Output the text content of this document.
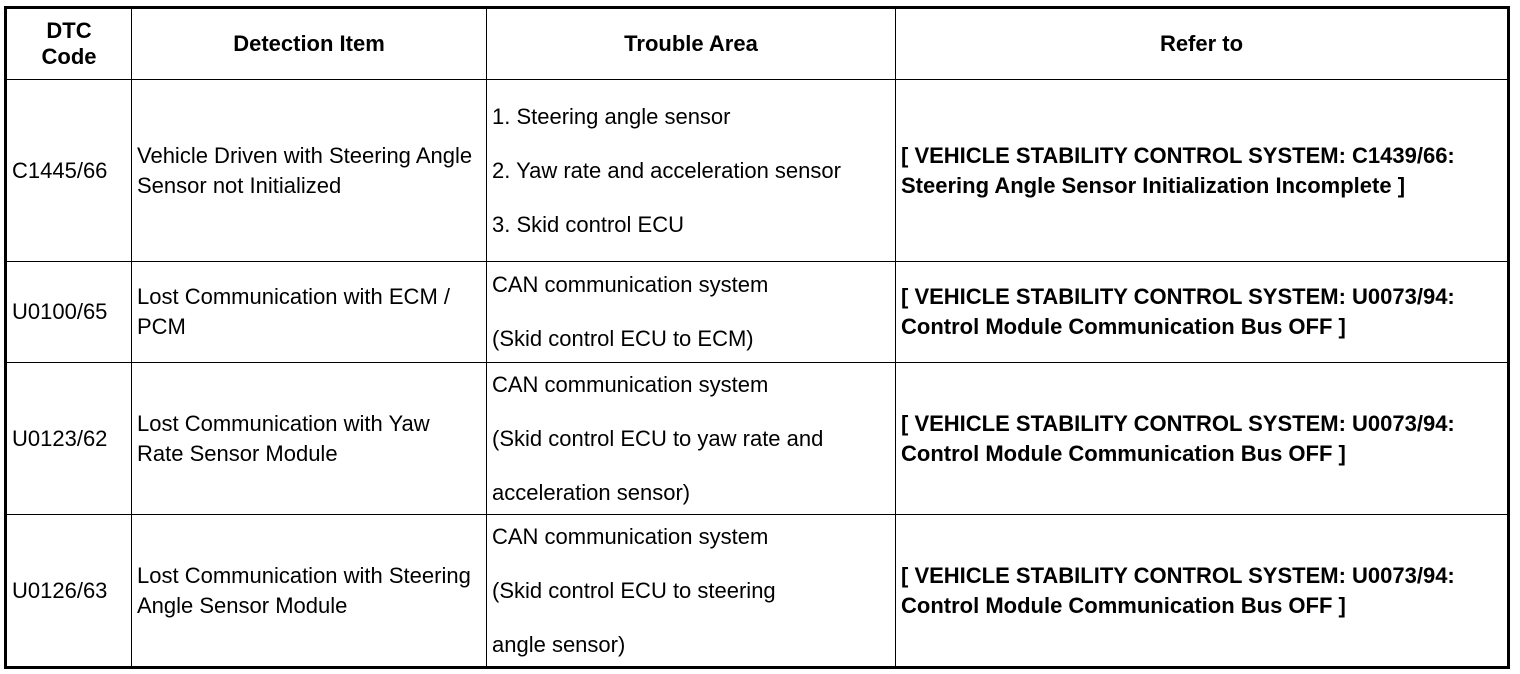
DTC
Code	Detection Item	Trouble Area	Refer to
C1445/66	Vehicle Driven with Steering Angle Sensor not Initialized	1. Steering angle sensor
2. Yaw rate and acceleration sensor
3. Skid control ECU	[ VEHICLE STABILITY CONTROL SYSTEM: C1439/66: Steering Angle Sensor Initialization Incomplete ]
U0100/65	Lost Communication with ECM / PCM	CAN communication system
(Skid control ECU to ECM)	[ VEHICLE STABILITY CONTROL SYSTEM: U0073/94: Control Module Communication Bus OFF ]
U0123/62	Lost Communication with Yaw Rate Sensor Module	CAN communication system
(Skid control ECU to yaw rate and
acceleration sensor)	[ VEHICLE STABILITY CONTROL SYSTEM: U0073/94: Control Module Communication Bus OFF ]
U0126/63	Lost Communication with Steering Angle Sensor Module	CAN communication system
(Skid control ECU to steering
angle sensor)	[ VEHICLE STABILITY CONTROL SYSTEM: U0073/94: Control Module Communication Bus OFF ]
